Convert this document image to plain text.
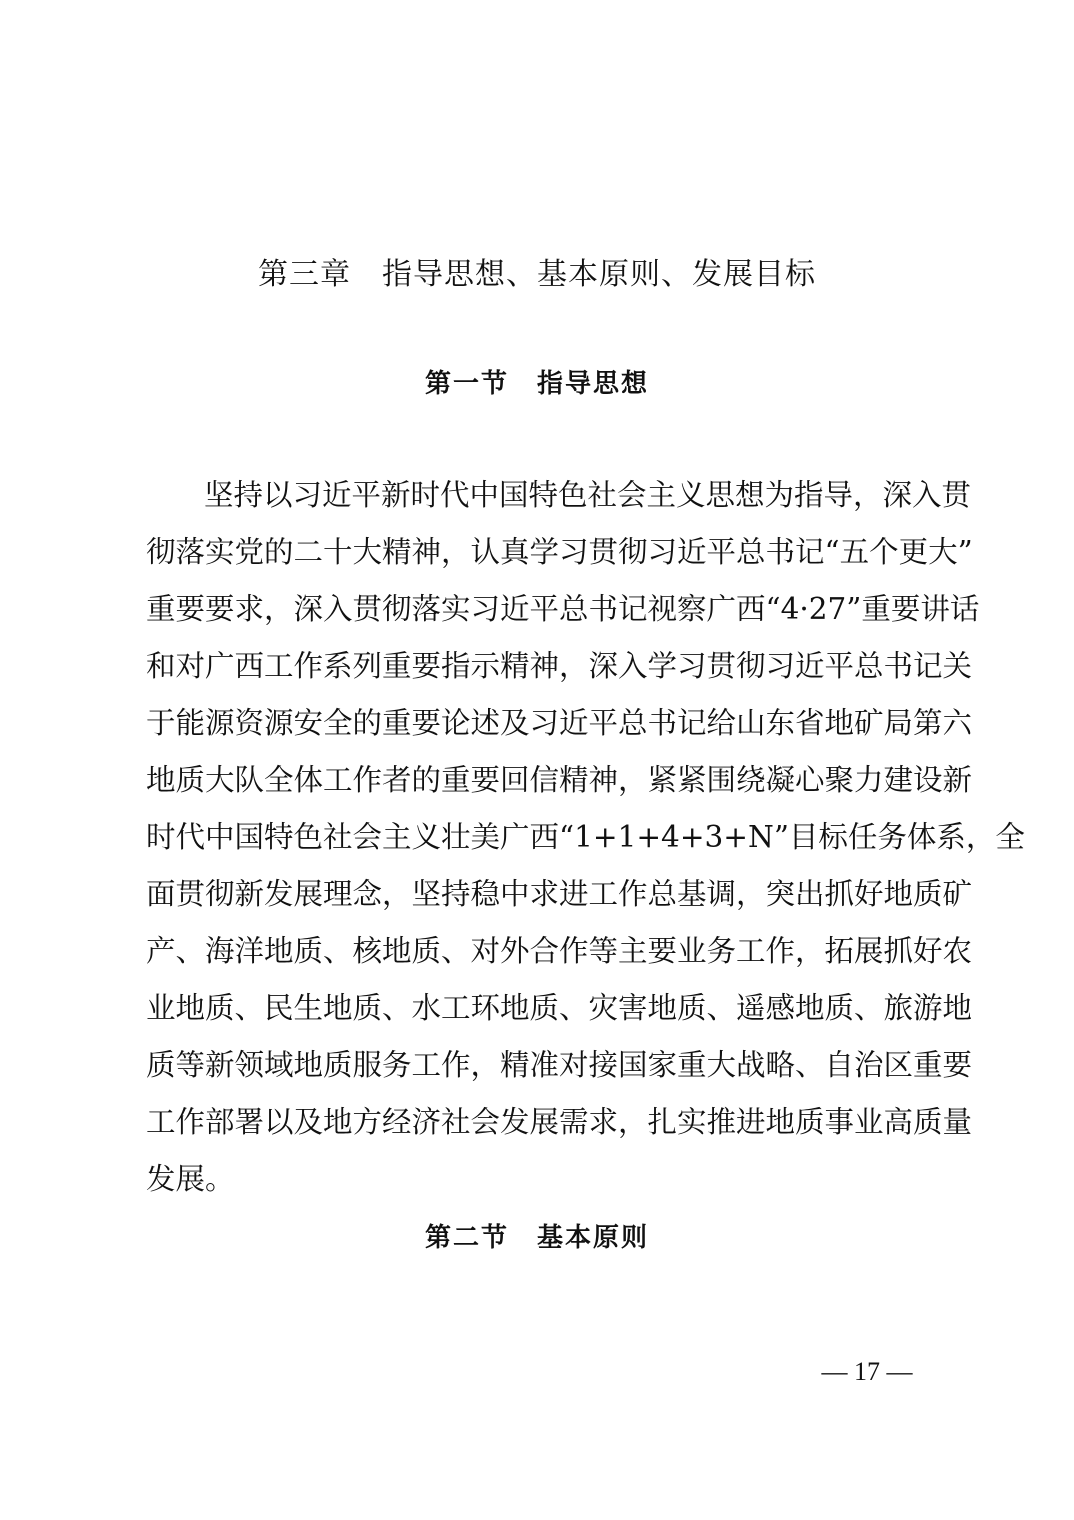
第三章　指导思想、基本原则、发展目标
第一节　指导思想
坚持以习近平新时代中国特色社会主义思想为指导，深入贯
彻落实党的二十大精神，认真学习贯彻习近平总书记“五个更大”
重要要求，深入贯彻落实习近平总书记视察广西“4·27”重要讲话
和对广西工作系列重要指示精神，深入学习贯彻习近平总书记关
于能源资源安全的重要论述及习近平总书记给山东省地矿局第六
地质大队全体工作者的重要回信精神，紧紧围绕凝心聚力建设新
时代中国特色社会主义壮美广西“1+1+4+3+N”目标任务体系，全
面贯彻新发展理念，坚持稳中求进工作总基调，突出抓好地质矿
产、海洋地质、核地质、对外合作等主要业务工作，拓展抓好农
业地质、民生地质、水工环地质、灾害地质、遥感地质、旅游地
质等新领域地质服务工作，精准对接国家重大战略、自治区重要
工作部署以及地方经济社会发展需求，扎实推进地质事业高质量
发展。
第二节　基本原则
— 17 —
